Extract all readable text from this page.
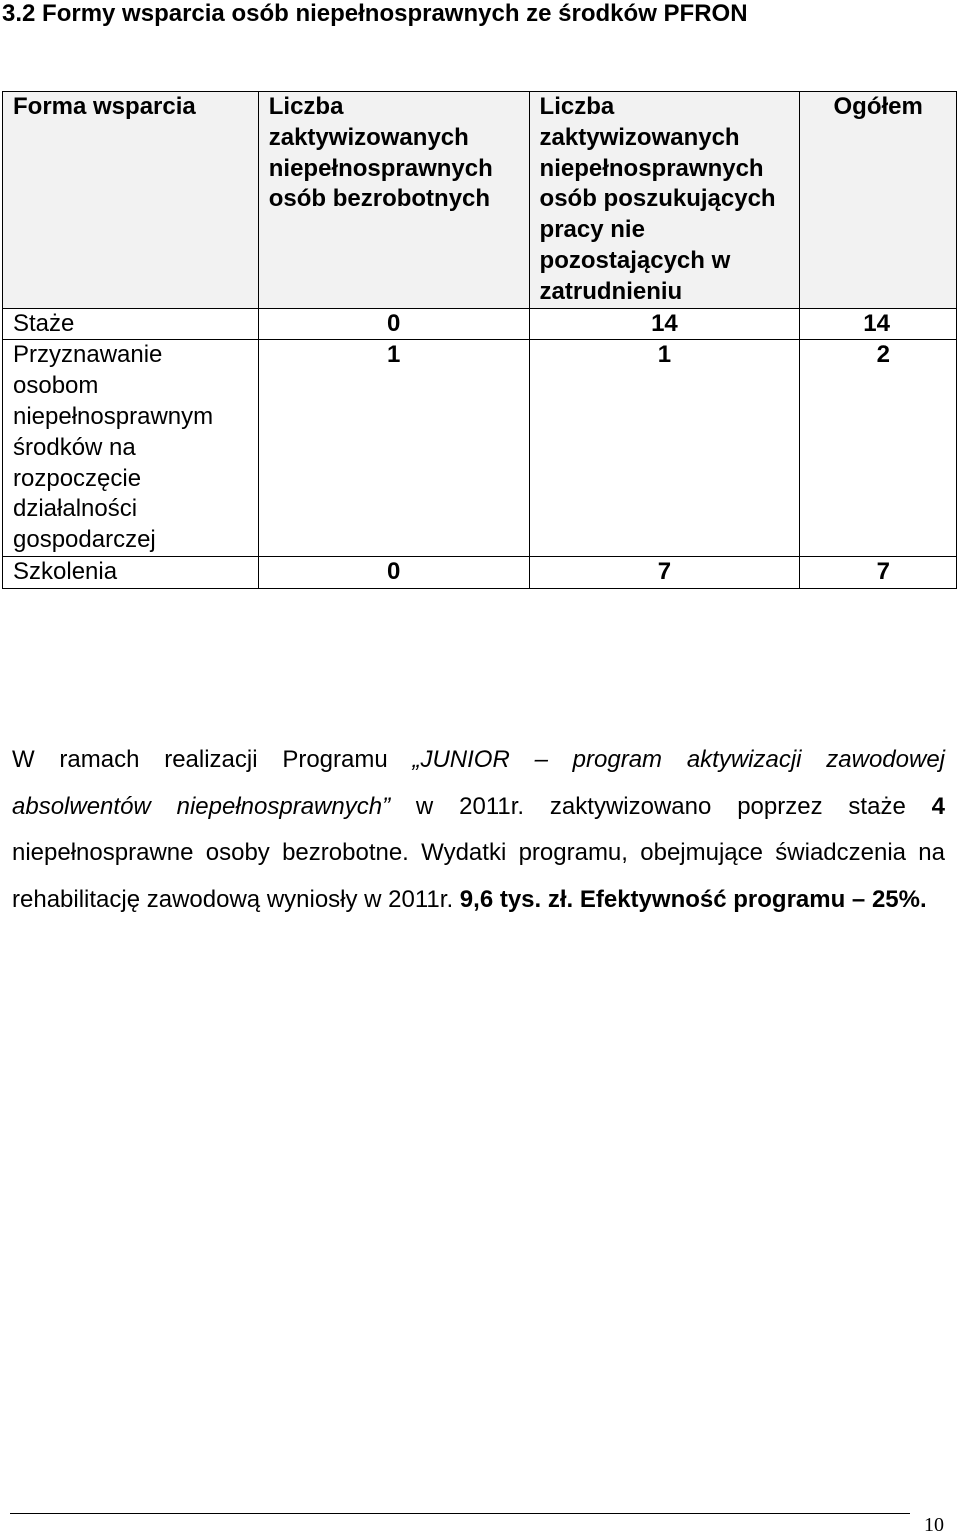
3.2 Formy wsparcia osób niepełnosprawnych ze środków PFRON
Forma wsparcia	Liczba zaktywizowanych niepełnosprawnych osób bezrobotnych	Liczba zaktywizowanych niepełnosprawnych osób poszukujących pracy nie pozostających w zatrudnieniu	Ogółem
Staże	0	14	14
Przyznawanie osobom niepełnosprawnym środków na rozpoczęcie działalności gospodarczej	1	1	2
Szkolenia	0	7	7

W ramach realizacji Programu „JUNIOR – program aktywizacji zawodowej absolwentów niepełnosprawnych” w 2011r. zaktywizowano poprzez staże 4 niepełnosprawne osoby bezrobotne. Wydatki programu, obejmujące świadczenia na rehabilitację zawodową wyniosły w 2011r. 9,6 tys. zł. Efektywność programu – 25%.

10
